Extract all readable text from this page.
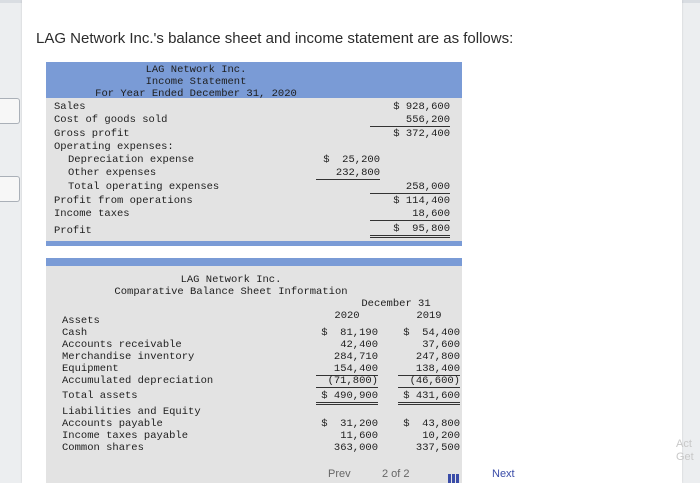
LAG Network Inc.'s balance sheet and income statement are as follows:
LAG Network Inc.
Income Statement
For Year Ended December 31, 2020
Sales	$ 928,600
Cost of goods sold	556,200
Gross profit	$ 372,400
Operating expenses:
Depreciation expense	$  25,200
Other expenses	232,800
Total operating expenses	258,000
Profit from operations	$ 114,400
Income taxes	18,600
Profit	$  95,800
LAG Network Inc.
Comparative Balance Sheet Information
December 31
2020	2019
Assets
Cash	$  81,190	$  54,400
Accounts receivable	42,400	37,600
Merchandise inventory	284,710	247,800
Equipment	154,400	138,400
Accumulated depreciation	(71,800)	(46,600)
Total assets	$ 490,900	$ 431,600
Liabilities and Equity
Accounts payable	$  31,200	$  43,800
Income taxes payable	11,600	10,200
Common shares	363,000	337,500
Prev	2 of 2	Next
Act
Get
